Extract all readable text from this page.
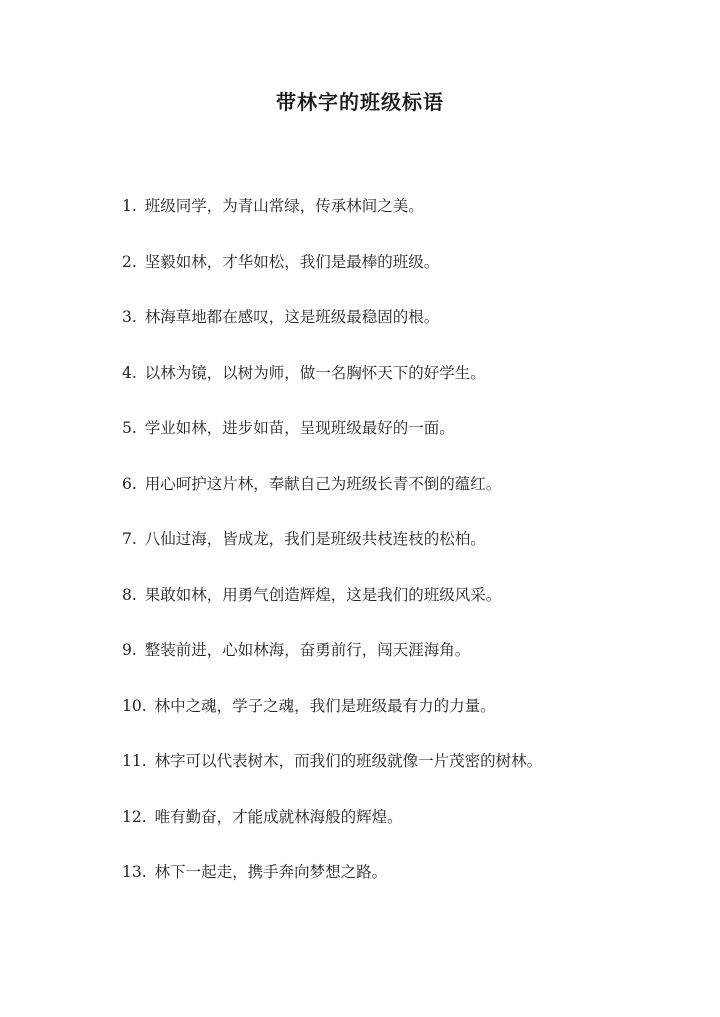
带林字的班级标语
1. 班级同学，为青山常绿，传承林间之美。
2. 坚毅如林，才华如松，我们是最棒的班级。
3. 林海草地都在感叹，这是班级最稳固的根。
4. 以林为镜，以树为师，做一名胸怀天下的好学生。
5. 学业如林，进步如苗，呈现班级最好的一面。
6. 用心呵护这片林，奉献自己为班级长青不倒的蕴红。
7. 八仙过海，皆成龙，我们是班级共枝连枝的松柏。
8. 果敢如林，用勇气创造辉煌，这是我们的班级风采。
9. 整装前进，心如林海，奋勇前行，闯天涯海角。
10. 林中之魂，学子之魂，我们是班级最有力的力量。
11. 林字可以代表树木，而我们的班级就像一片茂密的树林。
12. 唯有勤奋，才能成就林海般的辉煌。
13. 林下一起走，携手奔向梦想之路。
